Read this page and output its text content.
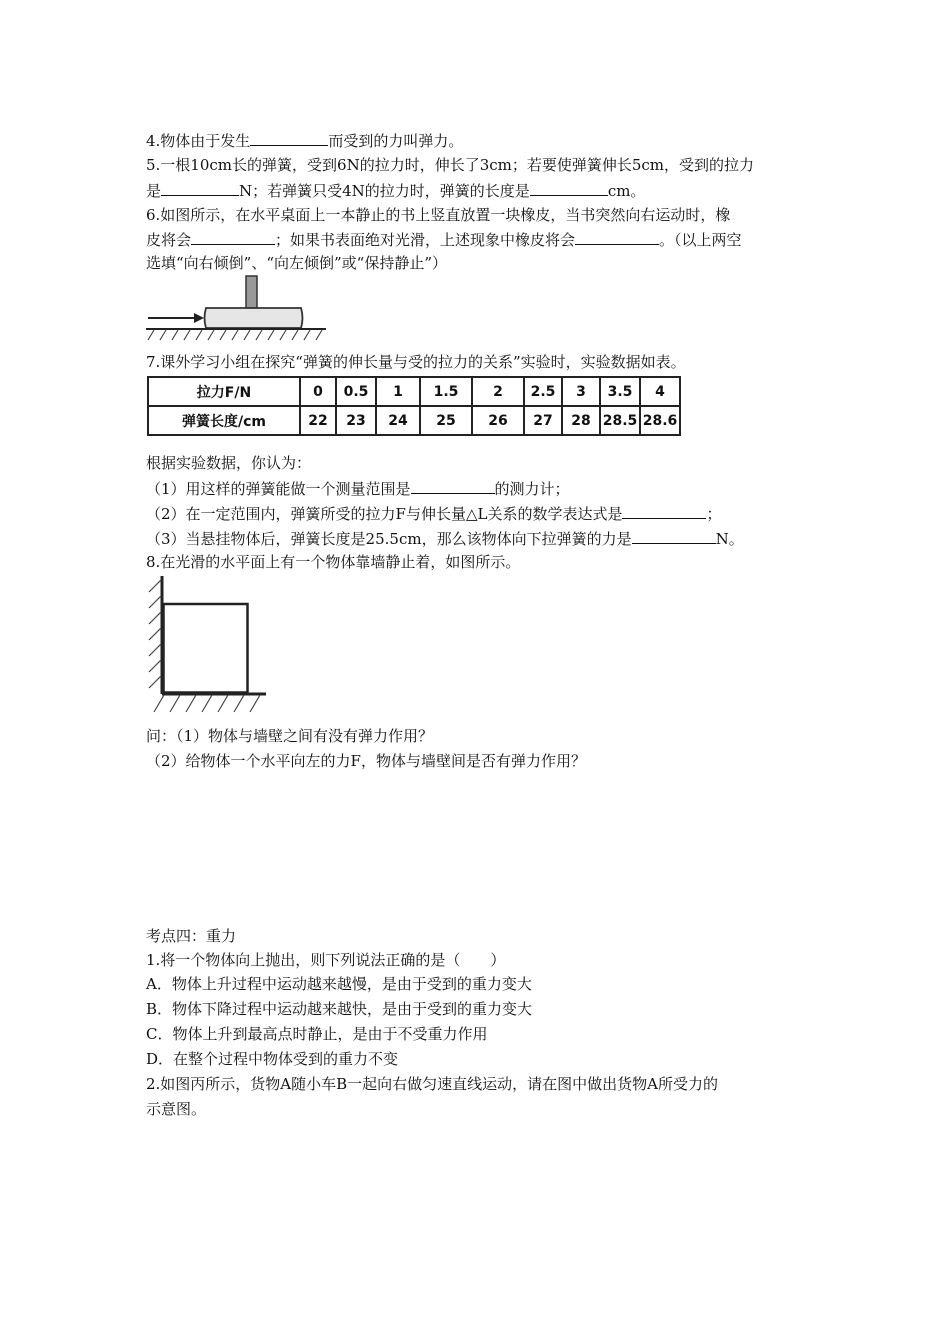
4.物体由于发生	而受到的力叫弹力。
5.一根10cm长的弹簧，受到6N的拉力时，伸长了3cm；若要使弹簧伸长5cm，受到的拉力
是	N；若弹簧只受4N的拉力时，弹簧的长度是	cm。
6.如图所示，在水平桌面上一本静止的书上竖直放置一块橡皮，当书突然向右运动时，橡
皮将会	；如果书表面绝对光滑，上述现象中橡皮将会	。（以上两空
选填“向右倾倒”、“向左倾倒”或“保持静止”）
7.课外学习小组在探究“弹簧的伸长量与受的拉力的关系”实验时，实验数据如表。
拉力F/N	0	0.5	1	1.5	2	2.5	3	3.5	4
弹簧长度/cm	22	23	24	25	26	27	28	28.5	28.6
根据实验数据，你认为：
（1）用这样的弹簧能做一个测量范围是	的测力计；
（2）在一定范围内，弹簧所受的拉力F与伸长量△L关系的数学表达式是	；
（3）当悬挂物体后，弹簧长度是25.5cm，那么该物体向下拉弹簧的力是	N。
8.在光滑的水平面上有一个物体靠墙静止着，如图所示。
问：（1）物体与墙壁之间有没有弹力作用？
（2）给物体一个水平向左的力F，物体与墙壁间是否有弹力作用？
考点四：重力
1.将一个物体向上抛出，则下列说法正确的是（　　）
A．物体上升过程中运动越来越慢，是由于受到的重力变大
B．物体下降过程中运动越来越快，是由于受到的重力变大
C．物体上升到最高点时静止，是由于不受重力作用
D．在整个过程中物体受到的重力不变
2.如图丙所示，货物A随小车B一起向右做匀速直线运动，请在图中做出货物A所受力的
示意图。
